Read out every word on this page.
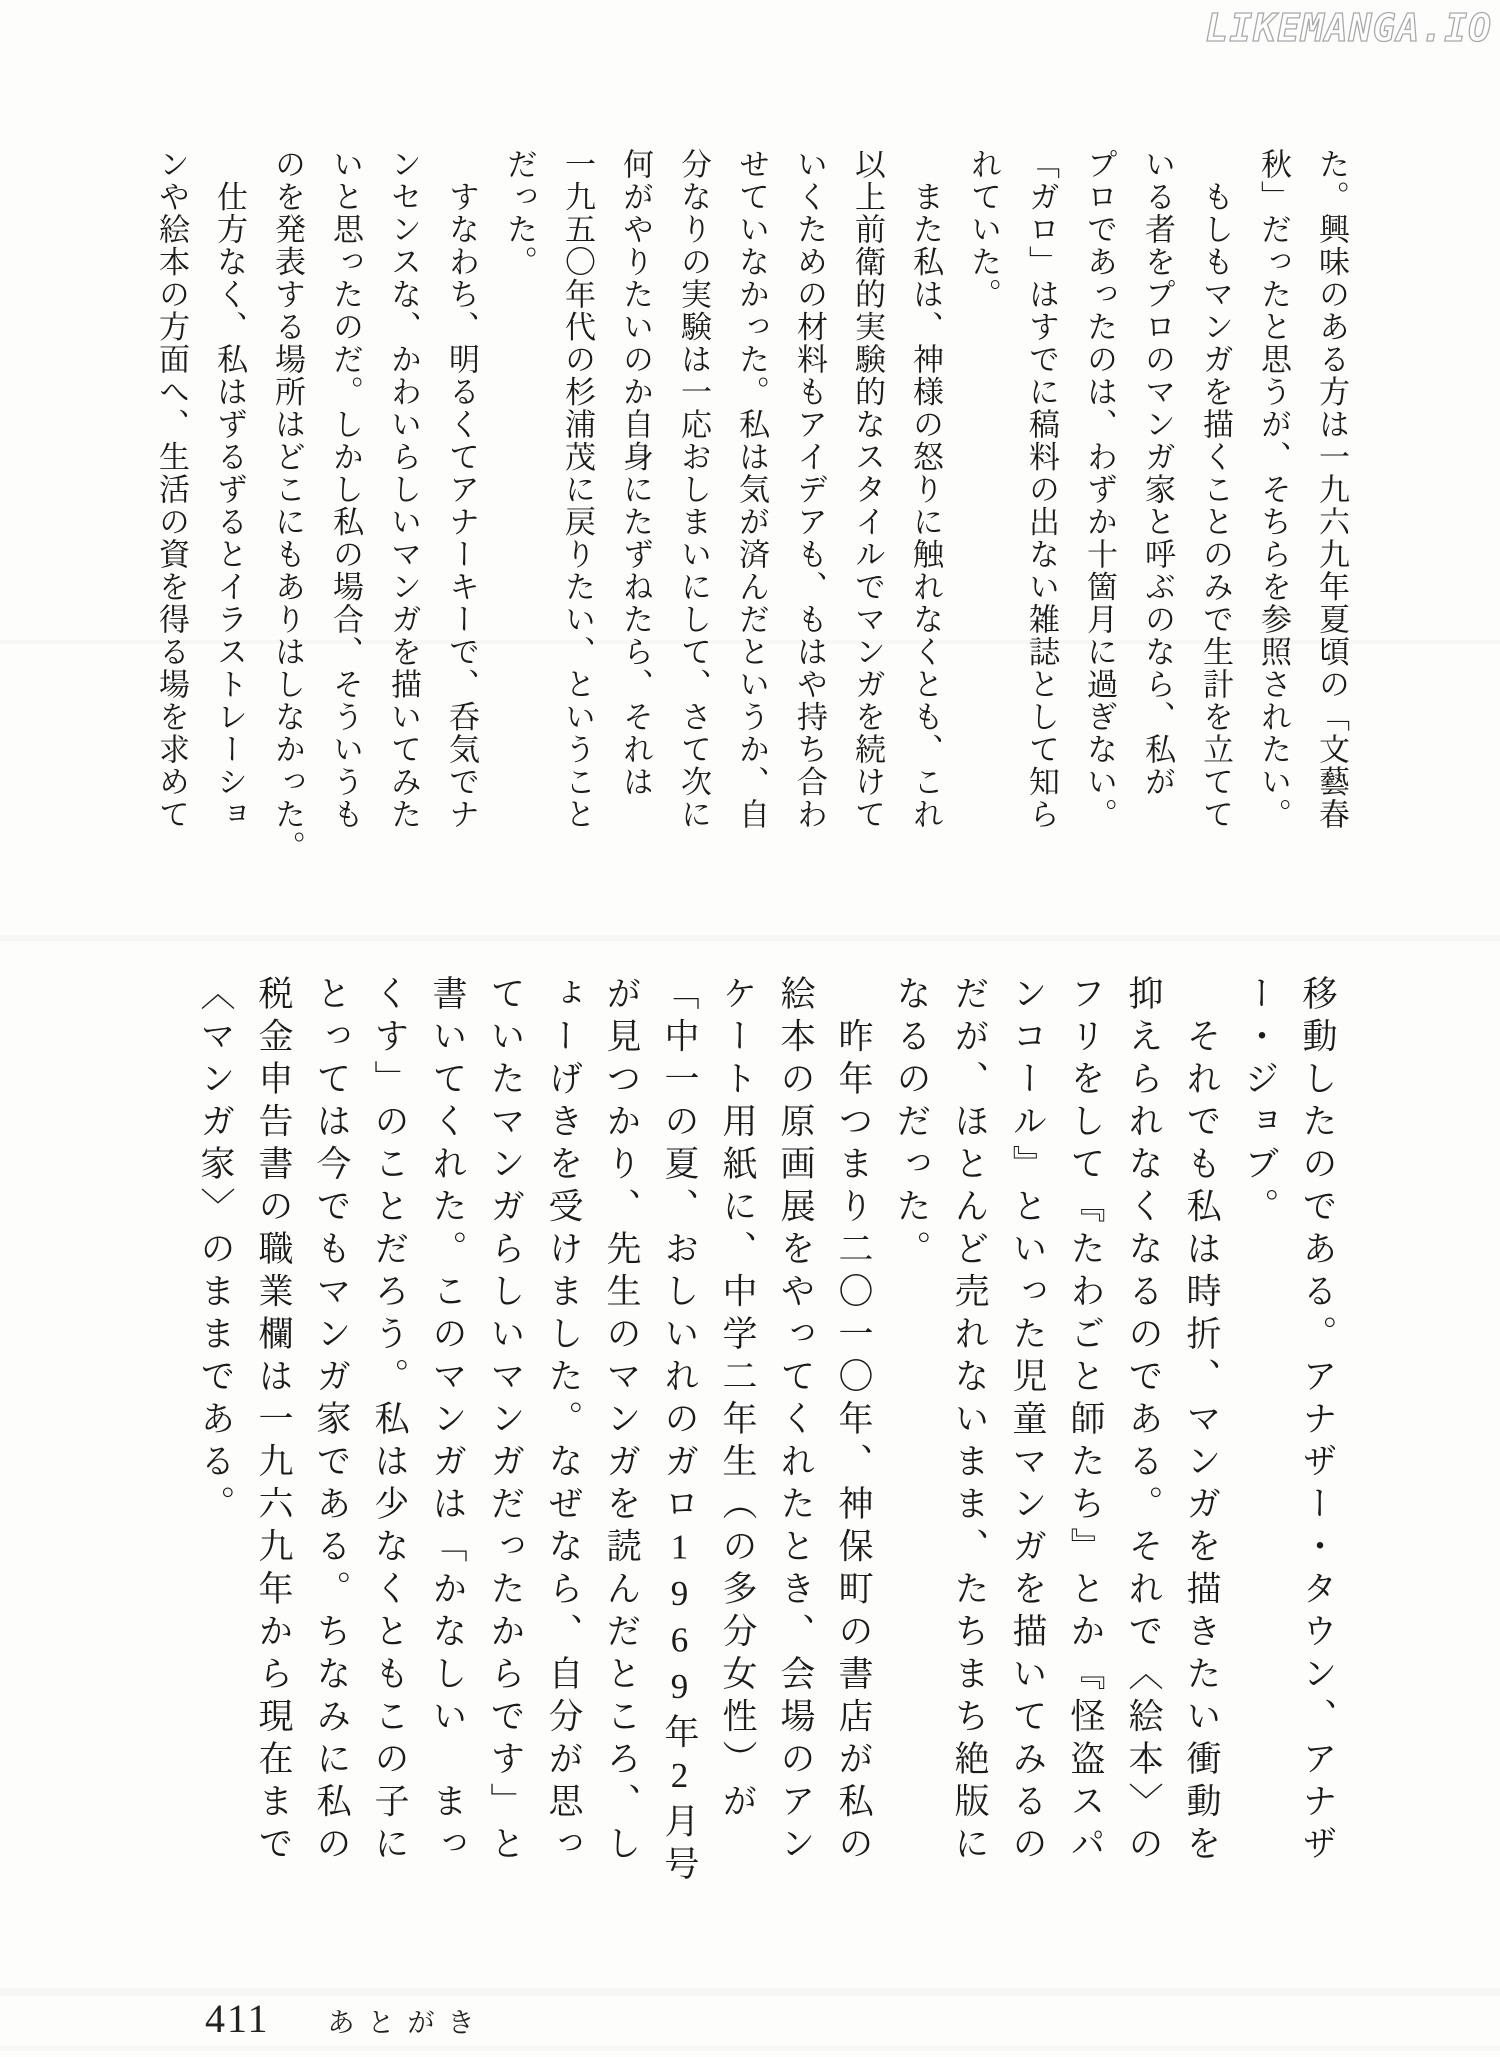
LIKEMANGA.IO
た。興味のある方は一九六九年夏頃の「文藝春
秋」だったと思うが、そちらを参照されたい。
　もしもマンガを描くことのみで生計を立てて
いる者をプロのマンガ家と呼ぶのなら、私が
プロであったのは、わずか十箇月に過ぎない。
「ガロ」はすでに稿料の出ない雑誌として知ら
れていた。
　また私は、神様の怒りに触れなくとも、これ
以上前衛的実験的なスタイルでマンガを続けて
いくための材料もアイデアも、もはや持ち合わ
せていなかった。私は気が済んだというか、自
分なりの実験は一応おしまいにして、さて次に
何がやりたいのか自身にたずねたら、それは
一九五〇年代の杉浦茂に戻りたい、ということ
だった。
　すなわち、明るくてアナーキーで、呑気でナ
ンセンスな、かわいらしいマンガを描いてみた
いと思ったのだ。しかし私の場合、そういうも
のを発表する場所はどこにもありはしなかった。
　仕方なく、私はずるずるとイラストレーショ
ンや絵本の方面へ、生活の資を得る場を求めて
移動したのである。アナザー・タウン、アナザ
ー・ジョブ。
　それでも私は時折、マンガを描きたい衝動を
抑えられなくなるのである。それで〈絵本〉の
フリをして『たわごと師たち』とか『怪盗スパ
ンコール』といった児童マンガを描いてみるの
だが、ほとんど売れないまま、たちまち絶版に
なるのだった。
　昨年つまり二〇一〇年、神保町の書店が私の
絵本の原画展をやってくれたとき、会場のアン
ケート用紙に、中学二年生（の多分女性）が
「中一の夏、おしいれのガロ1969年2月号
が見つかり、先生のマンガを読んだところ、し
ょーげきを受けました。なぜなら、自分が思っ
ていたマンガらしいマンガだったからです」と
書いてくれた。このマンガは「かなしい　まっ
くす」のことだろう。私は少なくともこの子に
とっては今でもマンガ家である。ちなみに私の
税金申告書の職業欄は一九六九年から現在まで
〈マンガ家〉のままである。
411 あとがき
